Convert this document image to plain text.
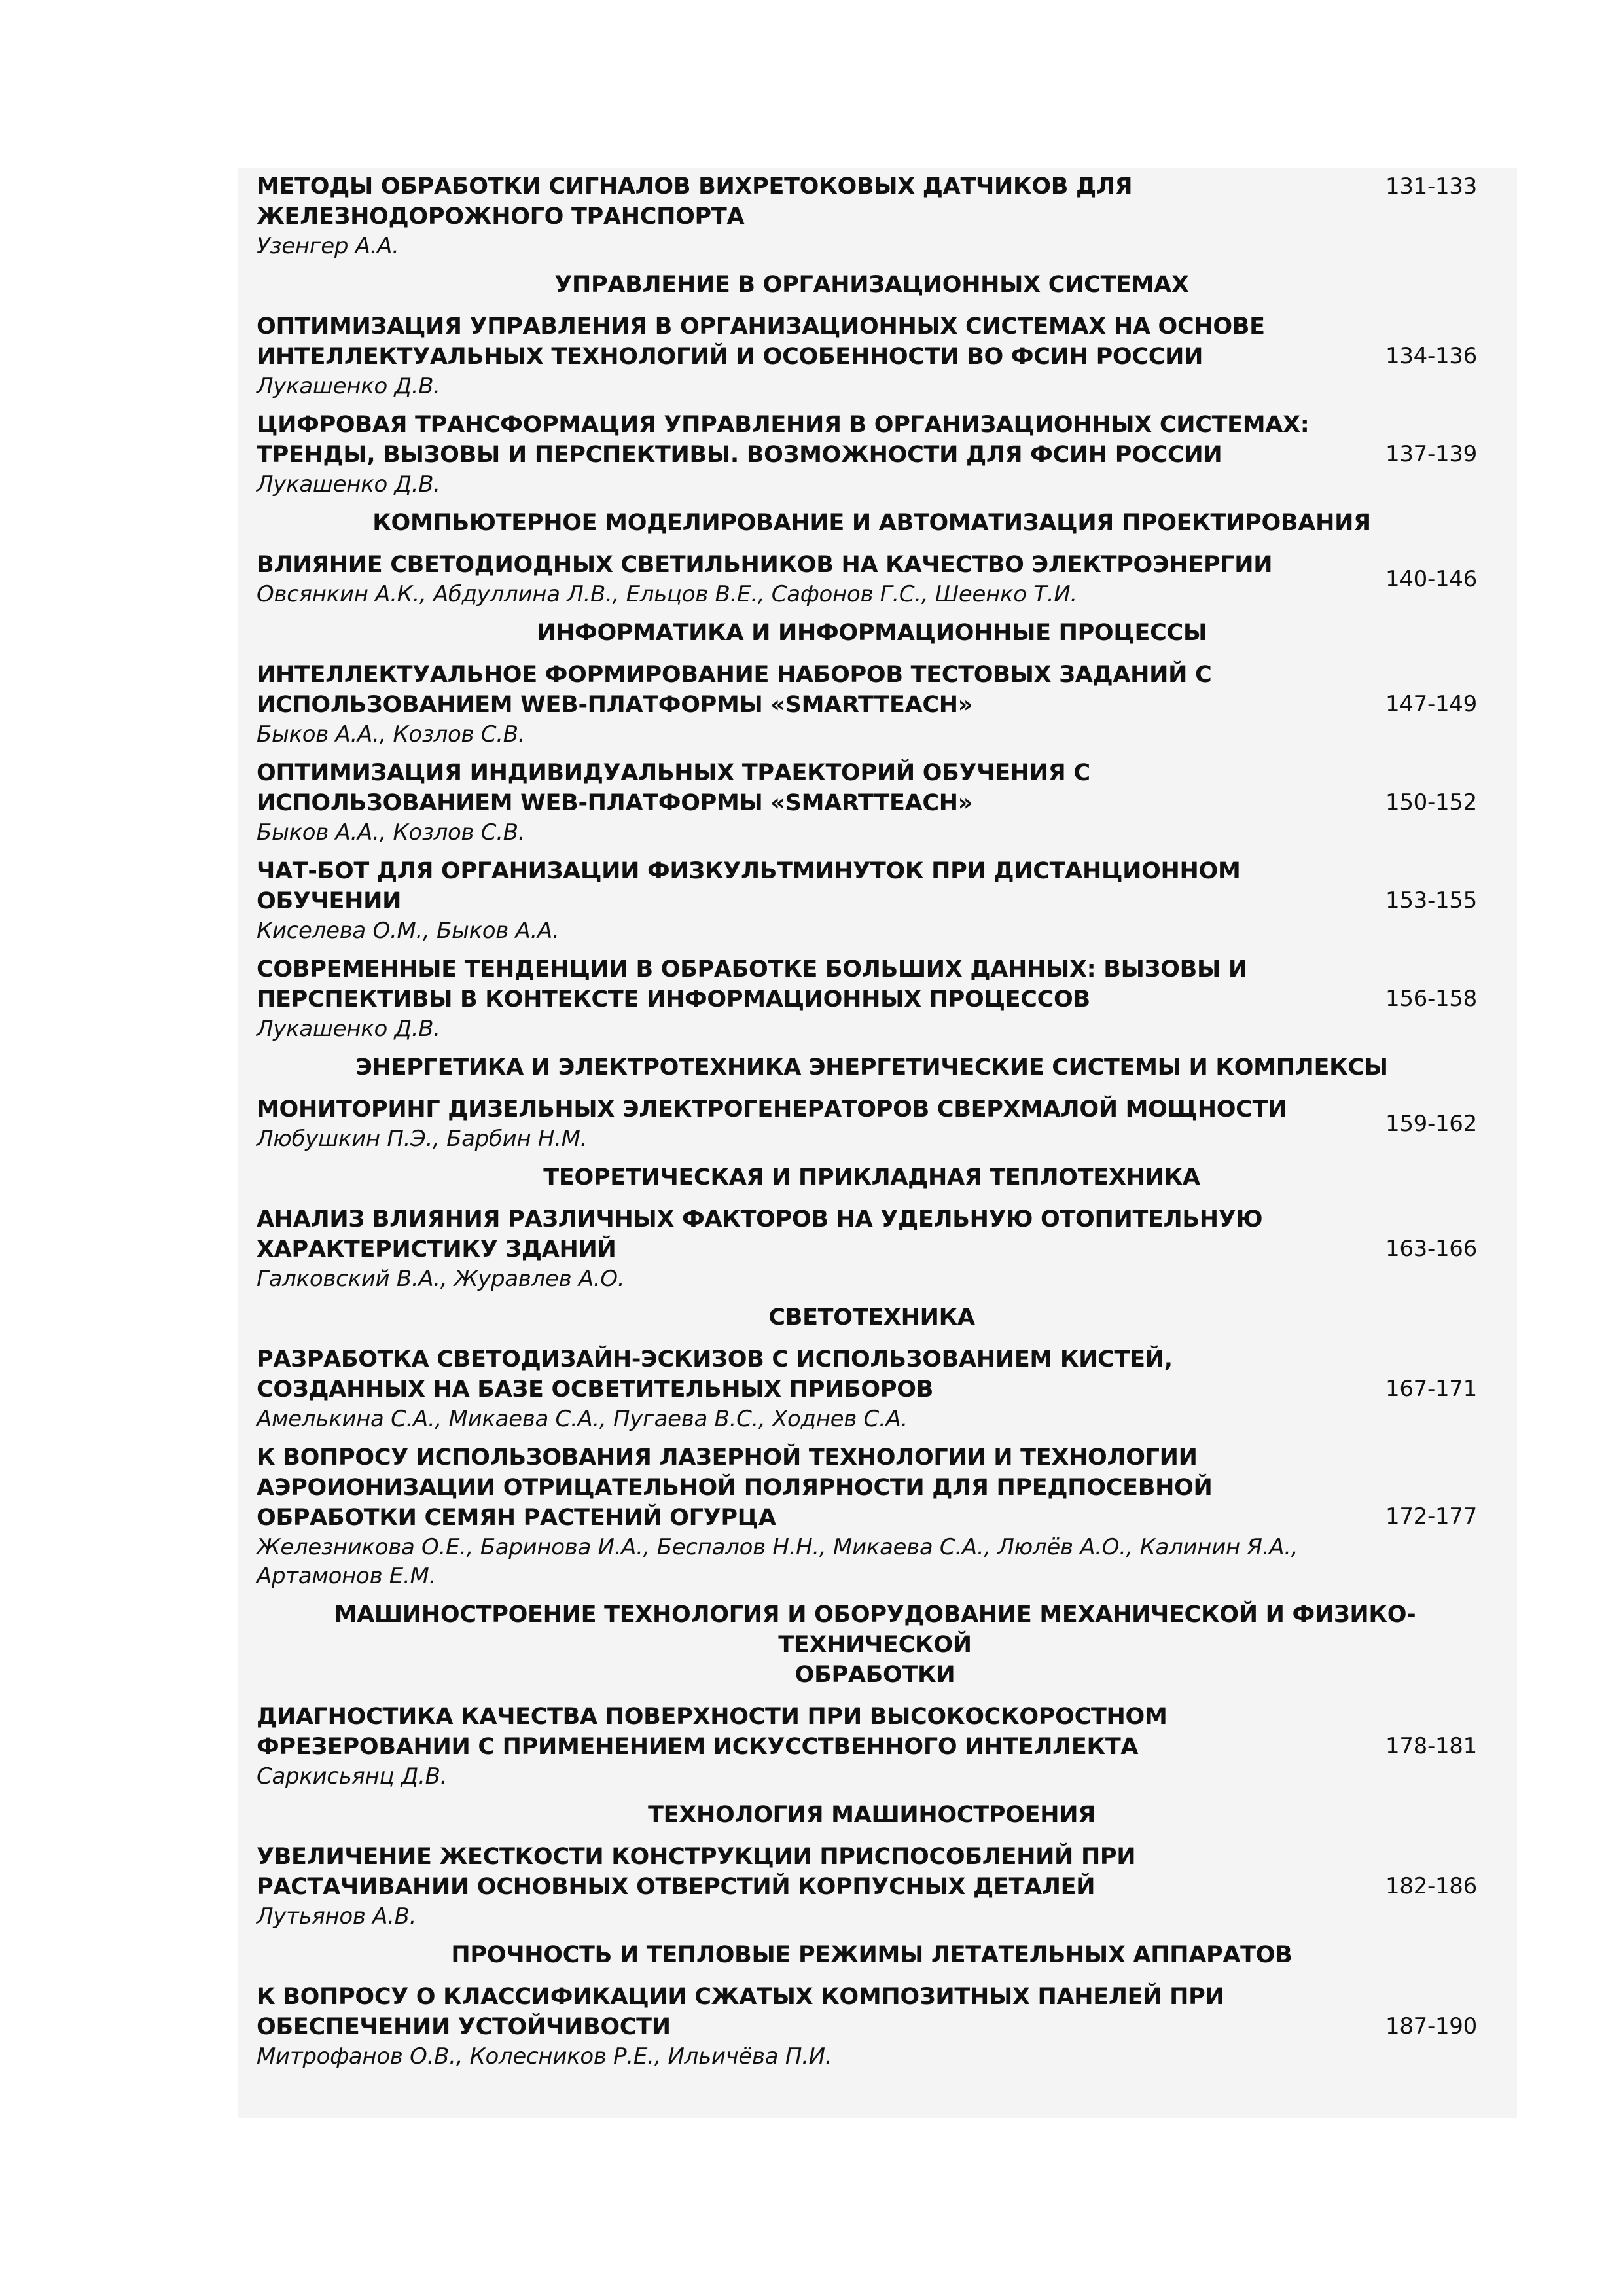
МЕТОДЫ ОБРАБОТКИ СИГНАЛОВ ВИХРЕТОКОВЫХ ДАТЧИКОВ ДЛЯ
ЖЕЛЕЗНОДОРОЖНОГО ТРАНСПОРТА
Узенгер А.А.
131-133
УПРАВЛЕНИЕ В ОРГАНИЗАЦИОННЫХ СИСТЕМАХ
ОПТИМИЗАЦИЯ УПРАВЛЕНИЯ В ОРГАНИЗАЦИОННЫХ СИСТЕМАХ НА ОСНОВЕ
ИНТЕЛЛЕКТУАЛЬНЫХ ТЕХНОЛОГИЙ И ОСОБЕННОСТИ ВО ФСИН РОССИИ
Лукашенко Д.В.
134-136
ЦИФРОВАЯ ТРАНСФОРМАЦИЯ УПРАВЛЕНИЯ В ОРГАНИЗАЦИОННЫХ СИСТЕМАХ:
ТРЕНДЫ, ВЫЗОВЫ И ПЕРСПЕКТИВЫ. ВОЗМОЖНОСТИ ДЛЯ ФСИН РОССИИ
Лукашенко Д.В.
137-139
КОМПЬЮТЕРНОЕ МОДЕЛИРОВАНИЕ И АВТОМАТИЗАЦИЯ ПРОЕКТИРОВАНИЯ
ВЛИЯНИЕ СВЕТОДИОДНЫХ СВЕТИЛЬНИКОВ НА КАЧЕСТВО ЭЛЕКТРОЭНЕРГИИ
Овсянкин А.К., Абдуллина Л.В., Ельцов В.Е., Сафонов Г.С., Шеенко Т.И.
140-146
ИНФОРМАТИКА И ИНФОРМАЦИОННЫЕ ПРОЦЕССЫ
ИНТЕЛЛЕКТУАЛЬНОЕ ФОРМИРОВАНИЕ НАБОРОВ ТЕСТОВЫХ ЗАДАНИЙ С
ИСПОЛЬЗОВАНИЕМ WEB-ПЛАТФОРМЫ «SMARTTEACH»
Быков А.А., Козлов С.В.
147-149
ОПТИМИЗАЦИЯ ИНДИВИДУАЛЬНЫХ ТРАЕКТОРИЙ ОБУЧЕНИЯ С
ИСПОЛЬЗОВАНИЕМ WEB-ПЛАТФОРМЫ «SMARTTEACH»
Быков А.А., Козлов С.В.
150-152
ЧАТ-БОТ ДЛЯ ОРГАНИЗАЦИИ ФИЗКУЛЬТМИНУТОК ПРИ ДИСТАНЦИОННОМ
ОБУЧЕНИИ
Киселева О.М., Быков А.А.
153-155
СОВРЕМЕННЫЕ ТЕНДЕНЦИИ В ОБРАБОТКЕ БОЛЬШИХ ДАННЫХ: ВЫЗОВЫ И
ПЕРСПЕКТИВЫ В КОНТЕКСТЕ ИНФОРМАЦИОННЫХ ПРОЦЕССОВ
Лукашенко Д.В.
156-158
ЭНЕРГЕТИКА И ЭЛЕКТРОТЕХНИКА ЭНЕРГЕТИЧЕСКИЕ СИСТЕМЫ И КОМПЛЕКСЫ
МОНИТОРИНГ ДИЗЕЛЬНЫХ ЭЛЕКТРОГЕНЕРАТОРОВ СВЕРХМАЛОЙ МОЩНОСТИ
Любушкин П.Э., Барбин Н.М.
159-162
ТЕОРЕТИЧЕСКАЯ И ПРИКЛАДНАЯ ТЕПЛОТЕХНИКА
АНАЛИЗ ВЛИЯНИЯ РАЗЛИЧНЫХ ФАКТОРОВ НА УДЕЛЬНУЮ ОТОПИТЕЛЬНУЮ
ХАРАКТЕРИСТИКУ ЗДАНИЙ
Галковский В.А., Журавлев А.О.
163-166
СВЕТОТЕХНИКА
РАЗРАБОТКА СВЕТОДИЗАЙН-ЭСКИЗОВ С ИСПОЛЬЗОВАНИЕМ КИСТЕЙ,
СОЗДАННЫХ НА БАЗЕ ОСВЕТИТЕЛЬНЫХ ПРИБОРОВ
Амелькина С.А., Микаева С.А., Пугаева В.С., Ходнев С.А.
167-171
К ВОПРОСУ ИСПОЛЬЗОВАНИЯ ЛАЗЕРНОЙ ТЕХНОЛОГИИ И ТЕХНОЛОГИИ
АЭРОИОНИЗАЦИИ ОТРИЦАТЕЛЬНОЙ ПОЛЯРНОСТИ ДЛЯ ПРЕДПОСЕВНОЙ
ОБРАБОТКИ СЕМЯН РАСТЕНИЙ ОГУРЦА
Железникова О.Е., Баринова И.А., Беспалов Н.Н., Микаева С.А., Люлёв А.О., Калинин Я.А.,
Артамонов Е.М.
172-177
МАШИНОСТРОЕНИЕ ТЕХНОЛОГИЯ И ОБОРУДОВАНИЕ МЕХАНИЧЕСКОЙ И ФИЗИКО-ТЕХНИЧЕСКОЙ
ОБРАБОТКИ
ДИАГНОСТИКА КАЧЕСТВА ПОВЕРХНОСТИ ПРИ ВЫСОКОСКОРОСТНОМ
ФРЕЗЕРОВАНИИ С ПРИМЕНЕНИЕМ ИСКУССТВЕННОГО ИНТЕЛЛЕКТА
Саркисьянц Д.В.
178-181
ТЕХНОЛОГИЯ МАШИНОСТРОЕНИЯ
УВЕЛИЧЕНИЕ ЖЕСТКОСТИ КОНСТРУКЦИИ ПРИСПОСОБЛЕНИЙ ПРИ
РАСТАЧИВАНИИ ОСНОВНЫХ ОТВЕРСТИЙ КОРПУСНЫХ ДЕТАЛЕЙ
Лутьянов А.В.
182-186
ПРОЧНОСТЬ И ТЕПЛОВЫЕ РЕЖИМЫ ЛЕТАТЕЛЬНЫХ АППАРАТОВ
К ВОПРОСУ О КЛАССИФИКАЦИИ СЖАТЫХ КОМПОЗИТНЫХ ПАНЕЛЕЙ ПРИ
ОБЕСПЕЧЕНИИ УСТОЙЧИВОСТИ
Митрофанов О.В., Колесников Р.Е., Ильичёва П.И.
187-190
